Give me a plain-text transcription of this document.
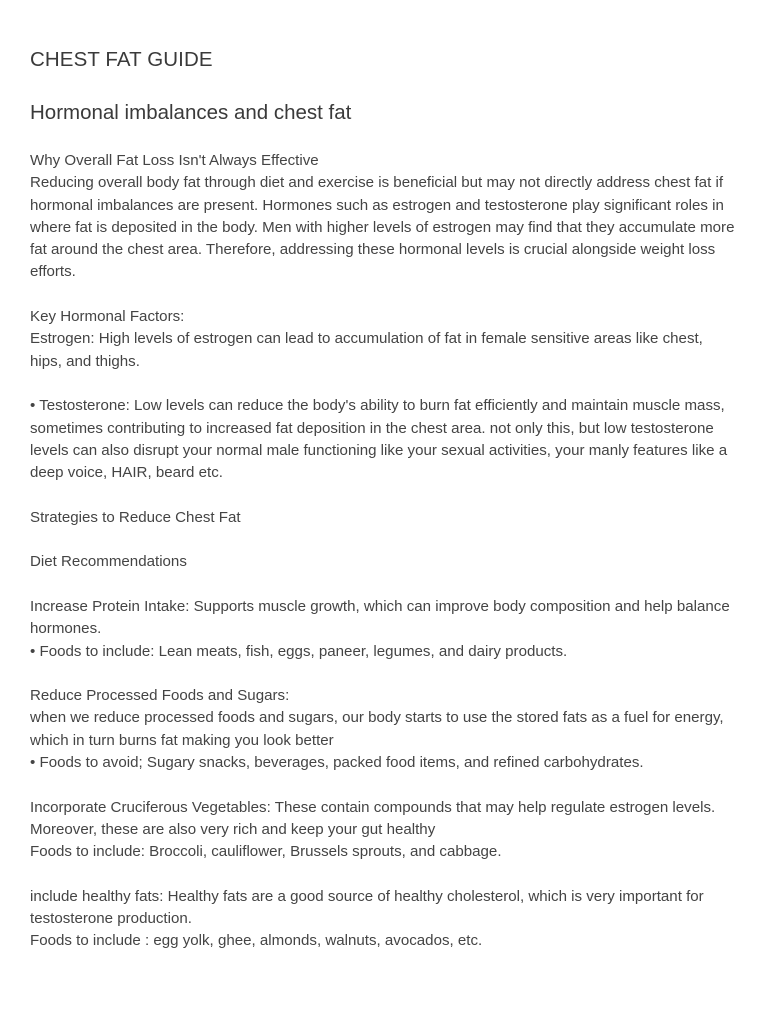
CHEST FAT GUIDE
Hormonal imbalances and chest fat

Why Overall Fat Loss Isn't Always Effective

Reducing overall body fat through diet and exercise is beneficial but may not directly address chest fat if hormonal imbalances are present. Hormones such as estrogen and testosterone play significant roles in where fat is deposited in the body. Men with higher levels of estrogen may find that they accumulate more fat around the chest area. Therefore, addressing these hormonal levels is crucial alongside weight loss efforts.

Key Hormonal Factors:

Estrogen: High levels of estrogen can lead to accumulation of fat in female sensitive areas like chest, hips, and thighs.

• Testosterone: Low levels can reduce the body's ability to burn fat efficiently and maintain muscle mass, sometimes contributing to increased fat deposition in the chest area. not only this, but low testosterone levels can also disrupt your normal male functioning like your sexual activities, your manly features like a deep voice, HAIR, beard etc.

Strategies to Reduce Chest Fat

Diet Recommendations

Increase Protein Intake: Supports muscle growth, which can improve body composition and help balance hormones.

• Foods to include: Lean meats, fish, eggs, paneer, legumes, and dairy products.

Reduce Processed Foods and Sugars:

when we reduce processed foods and sugars, our body starts to use the stored fats as a fuel for energy, which in turn burns fat making you look better

• Foods to avoid; Sugary snacks, beverages, packed food items, and refined carbohydrates.

Incorporate Cruciferous Vegetables: These contain compounds that may help regulate estrogen levels. Moreover, these are also very rich and keep your gut healthy

Foods to include: Broccoli, cauliflower, Brussels sprouts, and cabbage.

include healthy fats: Healthy fats are a good source of healthy cholesterol, which is very important for testosterone production.

Foods to include : egg yolk, ghee, almonds, walnuts, avocados, etc.
